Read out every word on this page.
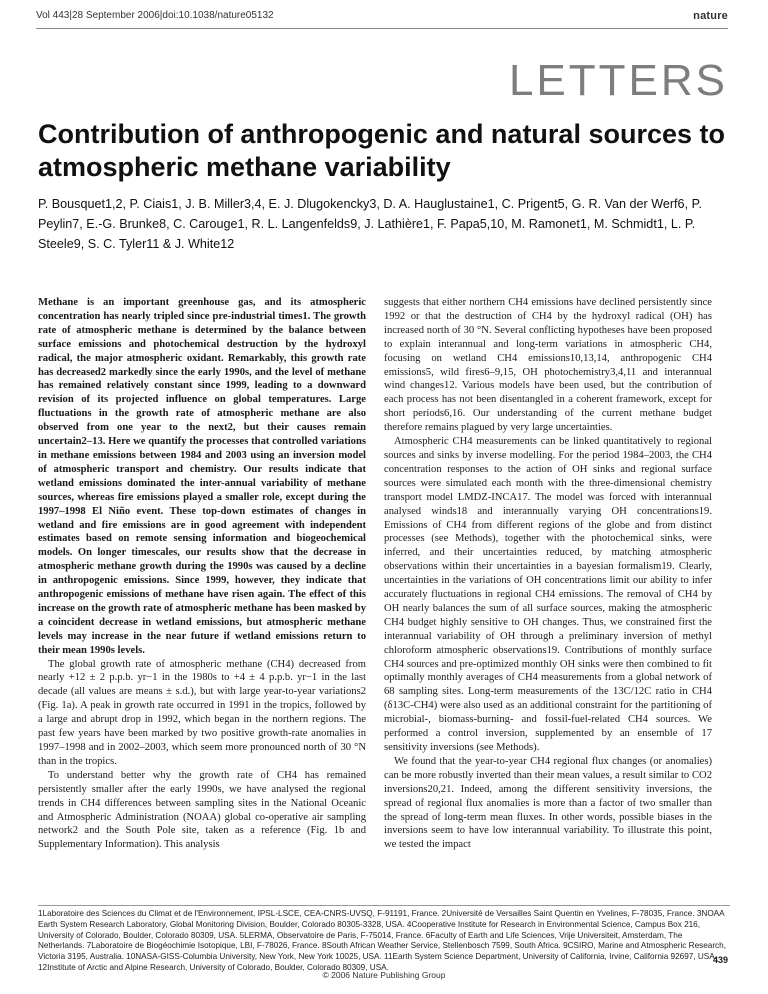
Vol 443|28 September 2006|doi:10.1038/nature05132	nature
LETTERS
Contribution of anthropogenic and natural sources to atmospheric methane variability
P. Bousquet1,2, P. Ciais1, J. B. Miller3,4, E. J. Dlugokencky3, D. A. Hauglustaine1, C. Prigent5, G. R. Van der Werf6, P. Peylin7, E.-G. Brunke8, C. Carouge1, R. L. Langenfelds9, J. Lathière1, F. Papa5,10, M. Ramonet1, M. Schmidt1, L. P. Steele9, S. C. Tyler11 & J. White12

Methane is an important greenhouse gas, and its atmospheric concentration has nearly tripled since pre-industrial times1. The growth rate of atmospheric methane is determined by the balance between surface emissions and photochemical destruction by the hydroxyl radical, the major atmospheric oxidant. Remarkably, this growth rate has decreased2 markedly since the early 1990s, and the level of methane has remained relatively constant since 1999, leading to a downward revision of its projected influence on global temperatures. Large fluctuations in the growth rate of atmospheric methane are also observed from one year to the next2, but their causes remain uncertain2–13. Here we quantify the processes that controlled variations in methane emissions between 1984 and 2003 using an inversion model of atmospheric transport and chemistry. Our results indicate that wetland emissions dominated the inter-annual variability of methane sources, whereas fire emissions played a smaller role, except during the 1997–1998 El Niño event. These top-down estimates of changes in wetland and fire emissions are in good agreement with independent estimates based on remote sensing information and biogeochemical models. On longer timescales, our results show that the decrease in atmospheric methane growth during the 1990s was caused by a decline in anthropogenic emissions. Since 1999, however, they indicate that anthropogenic emissions of methane have risen again. The effect of this increase on the growth rate of atmospheric methane has been masked by a coincident decrease in wetland emissions, but atmospheric methane levels may increase in the near future if wetland emissions return to their mean 1990s levels.

The global growth rate of atmospheric methane (CH4) decreased from nearly +12 ± 2 p.p.b. yr−1 in the 1980s to +4 ± 4 p.p.b. yr−1 in the last decade (all values are means ± s.d.), but with large year-to-year variations2 (Fig. 1a). A peak in growth rate occurred in 1991 in the tropics, followed by a large and abrupt drop in 1992, which began in the northern regions. The past few years have been marked by two positive growth-rate anomalies in 1997–1998 and in 2002–2003, which seem more pronounced north of 30 °N than in the tropics.

To understand better why the growth rate of CH4 has remained persistently smaller after the early 1990s, we have analysed the regional trends in CH4 differences between sampling sites in the National Oceanic and Atmospheric Administration (NOAA) global co-operative air sampling network2 and the South Pole site, taken as a reference (Fig. 1b and Supplementary Information). This analysis

suggests that either northern CH4 emissions have declined persistently since 1992 or that the destruction of CH4 by the hydroxyl radical (OH) has increased north of 30 °N. Several conflicting hypotheses have been proposed to explain interannual and long-term variations in atmospheric CH4, focusing on wetland CH4 emissions10,13,14, anthropogenic CH4 emissions5, wild fires6–9,15, OH photochemistry3,4,11 and interannual wind changes12. Various models have been used, but the contribution of each process has not been disentangled in a coherent framework, except for short periods6,16. Our understanding of the current methane budget therefore remains plagued by very large uncertainties.

Atmospheric CH4 measurements can be linked quantitatively to regional sources and sinks by inverse modelling. For the period 1984–2003, the CH4 concentration responses to the action of OH sinks and regional surface sources were simulated each month with the three-dimensional chemistry transport model LMDZ-INCA17. The model was forced with interannual analysed winds18 and interannually varying OH concentrations19. Emissions of CH4 from different regions of the globe and from distinct processes (see Methods), together with the photochemical sinks, were inferred, and their uncertainties reduced, by matching atmospheric observations within their uncertainties in a bayesian formalism19. Clearly, uncertainties in the variations of OH concentrations limit our ability to infer accurately fluctuations in regional CH4 emissions. The removal of CH4 by OH nearly balances the sum of all surface sources, making the atmospheric CH4 budget highly sensitive to OH changes. Thus, we constrained first the interannual variability of OH through a preliminary inversion of methyl chloroform atmospheric observations19. Contributions of monthly surface CH4 sources and pre-optimized monthly OH sinks were then combined to fit optimally monthly averages of CH4 measurements from a global network of 68 sampling sites. Long-term measurements of the 13C/12C ratio in CH4 (δ13C-CH4) were also used as an additional constraint for the partitioning of microbial-, biomass-burning- and fossil-fuel-related CH4 sources. We performed a control inversion, supplemented by an ensemble of 17 sensitivity inversions (see Methods).

We found that the year-to-year CH4 regional flux changes (or anomalies) can be more robustly inverted than their mean values, a result similar to CO2 inversions20,21. Indeed, among the different sensitivity inversions, the spread of regional flux anomalies is more than a factor of two smaller than the spread of long-term mean fluxes. In other words, possible biases in the inversions seem to have low interannual variability. To illustrate this point, we tested the impact

1Laboratoire des Sciences du Climat et de l'Environnement, IPSL-LSCE, CEA-CNRS-UVSQ, F-91191, France. 2Université de Versailles Saint Quentin en Yvelines, F-78035, France. 3NOAA Earth System Research Laboratory, Global Monitoring Division, Boulder, Colorado 80305-3328, USA. 4Cooperative Institute for Research in Environmental Science, Campus Box 216, University of Colorado, Boulder, Colorado 80309, USA. 5LERMA, Observatoire de Paris, F-75014, France. 6Faculty of Earth and Life Sciences, Vrije Universiteit, Amsterdam, The Netherlands. 7Laboratoire de Biogéochimie Isotopique, LBI, F-78026, France. 8South African Weather Service, Stellenbosch 7599, South Africa. 9CSIRO, Marine and Atmospheric Research, Victoria 3195, Australia. 10NASA-GISS-Columbia University, New York, New York 10025, USA. 11Earth System Science Department, University of California, Irvine, California 92697, USA. 12Institute of Arctic and Alpine Research, University of Colorado, Boulder, Colorado 80309, USA.
439
© 2006 Nature Publishing Group
